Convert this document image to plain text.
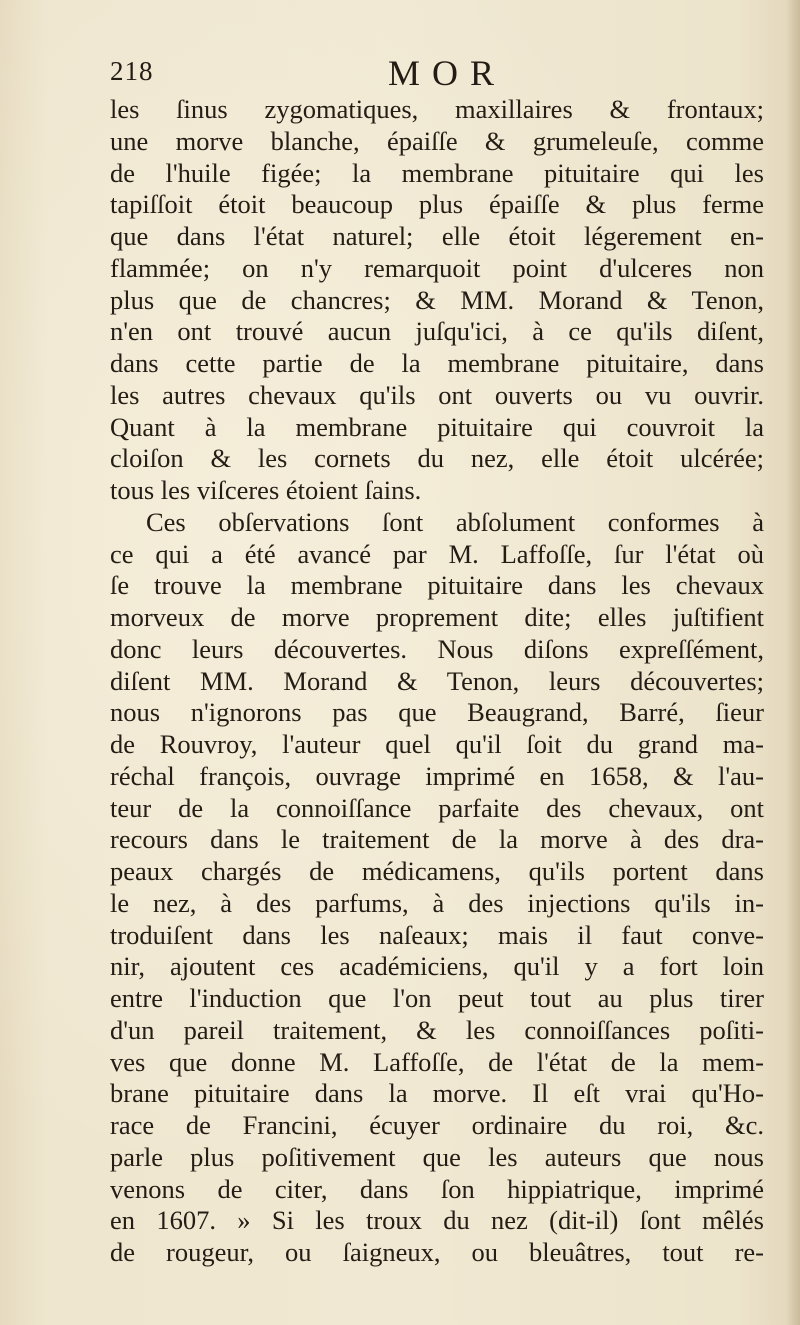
218	MOR
les ſinus zygomatiques, maxillaires & frontaux;
une morve blanche, épaiſſe & grumeleuſe, comme
de l'huile figée; la membrane pituitaire qui les
tapiſſoit étoit beaucoup plus épaiſſe & plus ferme
que dans l'état naturel; elle étoit légerement en-
flammée; on n'y remarquoit point d'ulceres non
plus que de chancres; & MM. Morand & Tenon,
n'en ont trouvé aucun juſqu'ici, à ce qu'ils diſent,
dans cette partie de la membrane pituitaire, dans
les autres chevaux qu'ils ont ouverts ou vu ouvrir.
Quant à la membrane pituitaire qui couvroit la
cloiſon & les cornets du nez, elle étoit ulcérée;
tous les viſceres étoient ſains.
Ces obſervations ſont abſolument conformes à
ce qui a été avancé par M. Laffoſſe, ſur l'état où
ſe trouve la membrane pituitaire dans les chevaux
morveux de morve proprement dite; elles juſtifient
donc leurs découvertes. Nous diſons expreſſément,
diſent MM. Morand & Tenon, leurs découvertes;
nous n'ignorons pas que Beaugrand, Barré, ſieur
de Rouvroy, l'auteur quel qu'il ſoit du grand ma-
réchal françois, ouvrage imprimé en 1658, & l'au-
teur de la connoiſſance parfaite des chevaux, ont
recours dans le traitement de la morve à des dra-
peaux chargés de médicamens, qu'ils portent dans
le nez, à des parfums, à des injections qu'ils in-
troduiſent dans les naſeaux; mais il faut conve-
nir, ajoutent ces académiciens, qu'il y a fort loin
entre l'induction que l'on peut tout au plus tirer
d'un pareil traitement, & les connoiſſances poſiti-
ves que donne M. Laffoſſe, de l'état de la mem-
brane pituitaire dans la morve. Il eſt vrai qu'Ho-
race de Francini, écuyer ordinaire du roi, &c.
parle plus poſitivement que les auteurs que nous
venons de citer, dans ſon hippiatrique, imprimé
en 1607. » Si les troux du nez (dit-il) ſont mêlés
de rougeur, ou ſaigneux, ou bleuâtres, tout re-
